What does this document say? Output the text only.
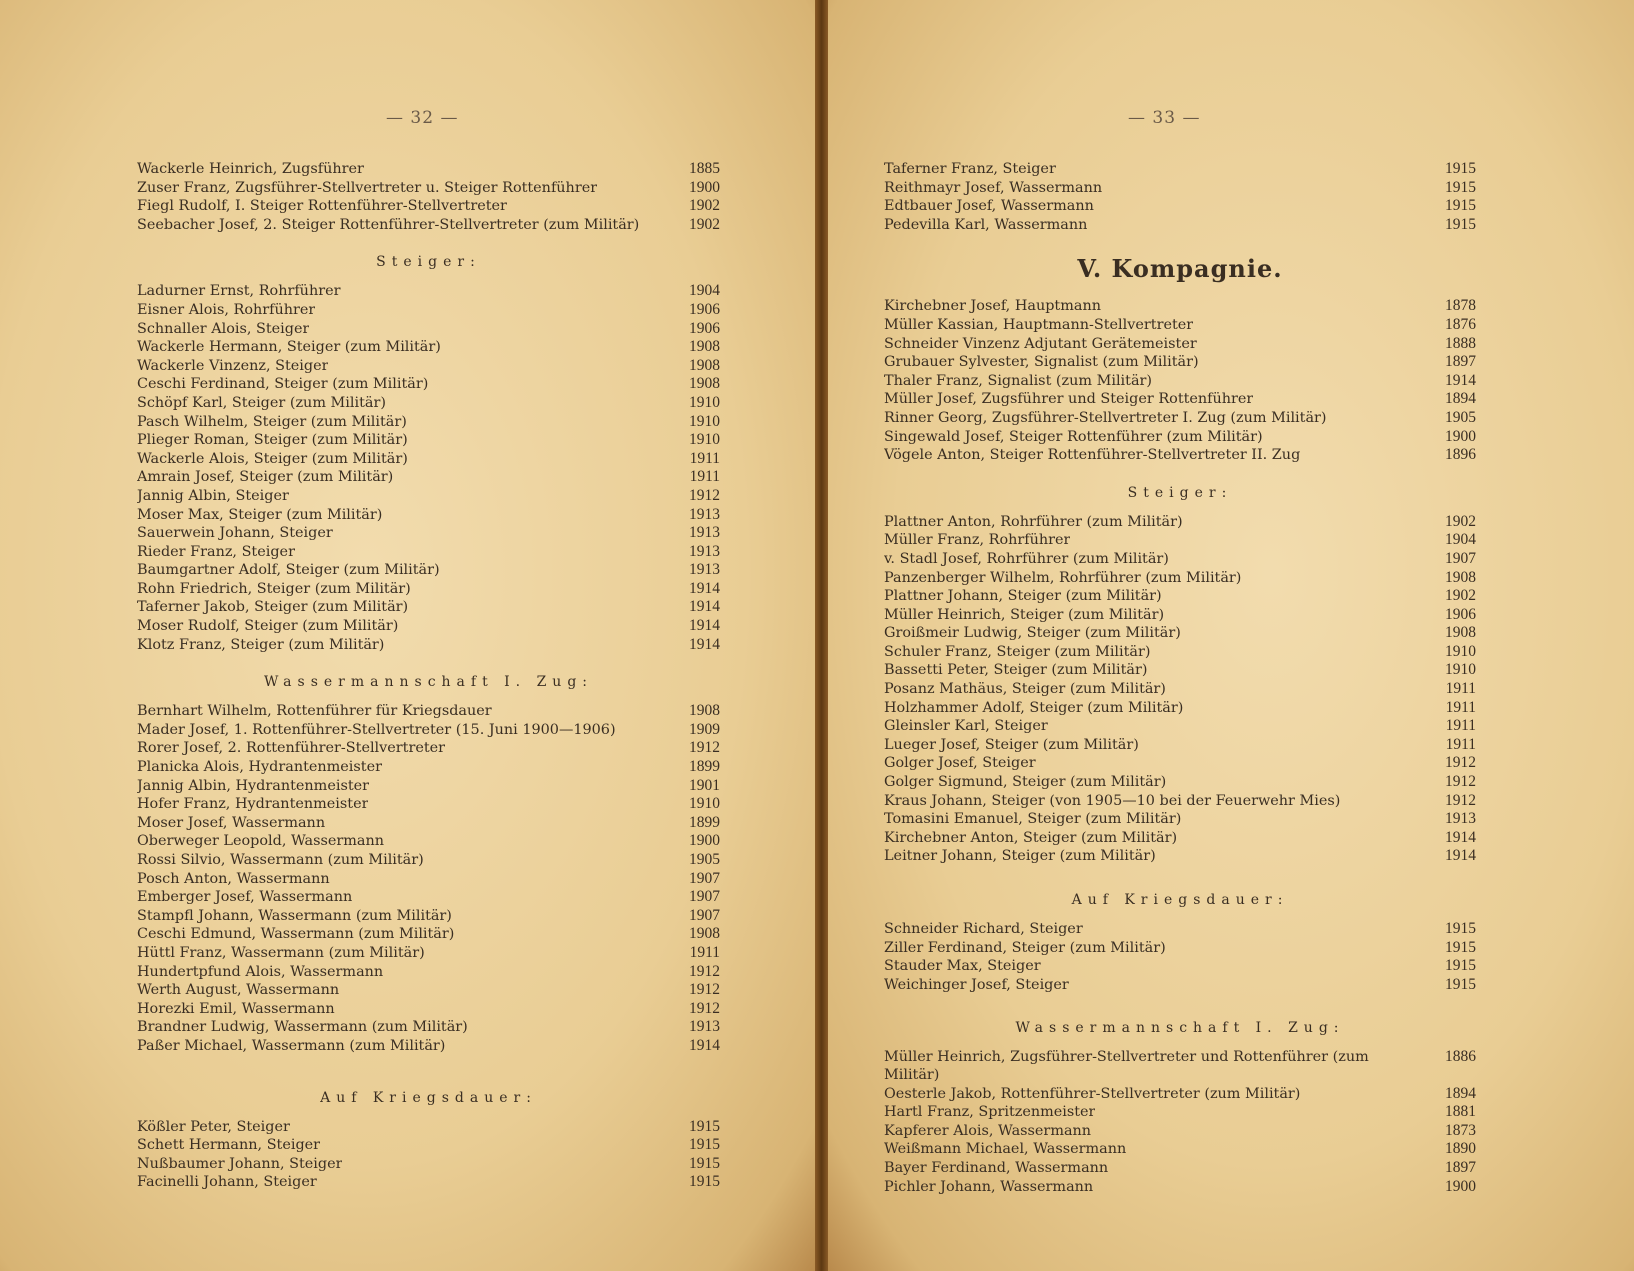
— 32 —
Wackerle Heinrich, Zugsführer	1885
Zuser Franz, Zugsführer-Stellvertreter u. Steiger Rottenführer	1900
Fiegl Rudolf, I. Steiger Rottenführer-Stellvertreter	1902
Seebacher Josef, 2. Steiger Rottenführer-Stellvertreter (zum Militär)	1902
Steiger:
Ladurner Ernst, Rohrführer	1904
Eisner Alois, Rohrführer	1906
Schnaller Alois, Steiger	1906
Wackerle Hermann, Steiger (zum Militär)	1908
Wackerle Vinzenz, Steiger	1908
Ceschi Ferdinand, Steiger (zum Militär)	1908
Schöpf Karl, Steiger (zum Militär)	1910
Pasch Wilhelm, Steiger (zum Militär)	1910
Plieger Roman, Steiger (zum Militär)	1910
Wackerle Alois, Steiger (zum Militär)	1911
Amrain Josef, Steiger (zum Militär)	1911
Jannig Albin, Steiger	1912
Moser Max, Steiger (zum Militär)	1913
Sauerwein Johann, Steiger	1913
Rieder Franz, Steiger	1913
Baumgartner Adolf, Steiger (zum Militär)	1913
Rohn Friedrich, Steiger (zum Militär)	1914
Taferner Jakob, Steiger (zum Militär)	1914
Moser Rudolf, Steiger (zum Militär)	1914
Klotz Franz, Steiger (zum Militär)	1914
Wassermannschaft I. Zug:
Bernhart Wilhelm, Rottenführer für Kriegsdauer	1908
Mader Josef, 1. Rottenführer-Stellvertreter (15. Juni 1900—1906)	1909
Rorer Josef, 2. Rottenführer-Stellvertreter	1912
Planicka Alois, Hydrantenmeister	1899
Jannig Albin, Hydrantenmeister	1901
Hofer Franz, Hydrantenmeister	1910
Moser Josef, Wassermann	1899
Oberweger Leopold, Wassermann	1900
Rossi Silvio, Wassermann (zum Militär)	1905
Posch Anton, Wassermann	1907
Emberger Josef, Wassermann	1907
Stampfl Johann, Wassermann (zum Militär)	1907
Ceschi Edmund, Wassermann (zum Militär)	1908
Hüttl Franz, Wassermann (zum Militär)	1911
Hundertpfund Alois, Wassermann	1912
Werth August, Wassermann	1912
Horezki Emil, Wassermann	1912
Brandner Ludwig, Wassermann (zum Militär)	1913
Paßer Michael, Wassermann (zum Militär)	1914
Auf Kriegsdauer:
Kößler Peter, Steiger	1915
Schett Hermann, Steiger	1915
Nußbaumer Johann, Steiger	1915
Facinelli Johann, Steiger	1915
— 33 —
Taferner Franz, Steiger	1915
Reithmayr Josef, Wassermann	1915
Edtbauer Josef, Wassermann	1915
Pedevilla Karl, Wassermann	1915
V. Kompagnie.
Kirchebner Josef, Hauptmann	1878
Müller Kassian, Hauptmann-Stellvertreter	1876
Schneider Vinzenz Adjutant Gerätemeister	1888
Grubauer Sylvester, Signalist (zum Militär)	1897
Thaler Franz, Signalist (zum Militär)	1914
Müller Josef, Zugsführer und Steiger Rottenführer	1894
Rinner Georg, Zugsführer-Stellvertreter I. Zug (zum Militär)	1905
Singewald Josef, Steiger Rottenführer (zum Militär)	1900
Vögele Anton, Steiger Rottenführer-Stellvertreter II. Zug	1896
Steiger:
Plattner Anton, Rohrführer (zum Militär)	1902
Müller Franz, Rohrführer	1904
v. Stadl Josef, Rohrführer (zum Militär)	1907
Panzenberger Wilhelm, Rohrführer (zum Militär)	1908
Plattner Johann, Steiger (zum Militär)	1902
Müller Heinrich, Steiger (zum Militär)	1906
Groißmeir Ludwig, Steiger (zum Militär)	1908
Schuler Franz, Steiger (zum Militär)	1910
Bassetti Peter, Steiger (zum Militär)	1910
Posanz Mathäus, Steiger (zum Militär)	1911
Holzhammer Adolf, Steiger (zum Militär)	1911
Gleinsler Karl, Steiger	1911
Lueger Josef, Steiger (zum Militär)	1911
Golger Josef, Steiger	1912
Golger Sigmund, Steiger (zum Militär)	1912
Kraus Johann, Steiger (von 1905—10 bei der Feuerwehr Mies)	1912
Tomasini Emanuel, Steiger (zum Militär)	1913
Kirchebner Anton, Steiger (zum Militär)	1914
Leitner Johann, Steiger (zum Militär)	1914
Auf Kriegsdauer:
Schneider Richard, Steiger	1915
Ziller Ferdinand, Steiger (zum Militär)	1915
Stauder Max, Steiger	1915
Weichinger Josef, Steiger	1915
Wassermannschaft I. Zug:
Müller Heinrich, Zugsführer-Stellvertreter und Rottenführer (zum Militär)
1886
Oesterle Jakob, Rottenführer-Stellvertreter (zum Militär)	1894
Hartl Franz, Spritzenmeister	1881
Kapferer Alois, Wassermann	1873
Weißmann Michael, Wassermann	1890
Bayer Ferdinand, Wassermann	1897
Pichler Johann, Wassermann	1900
